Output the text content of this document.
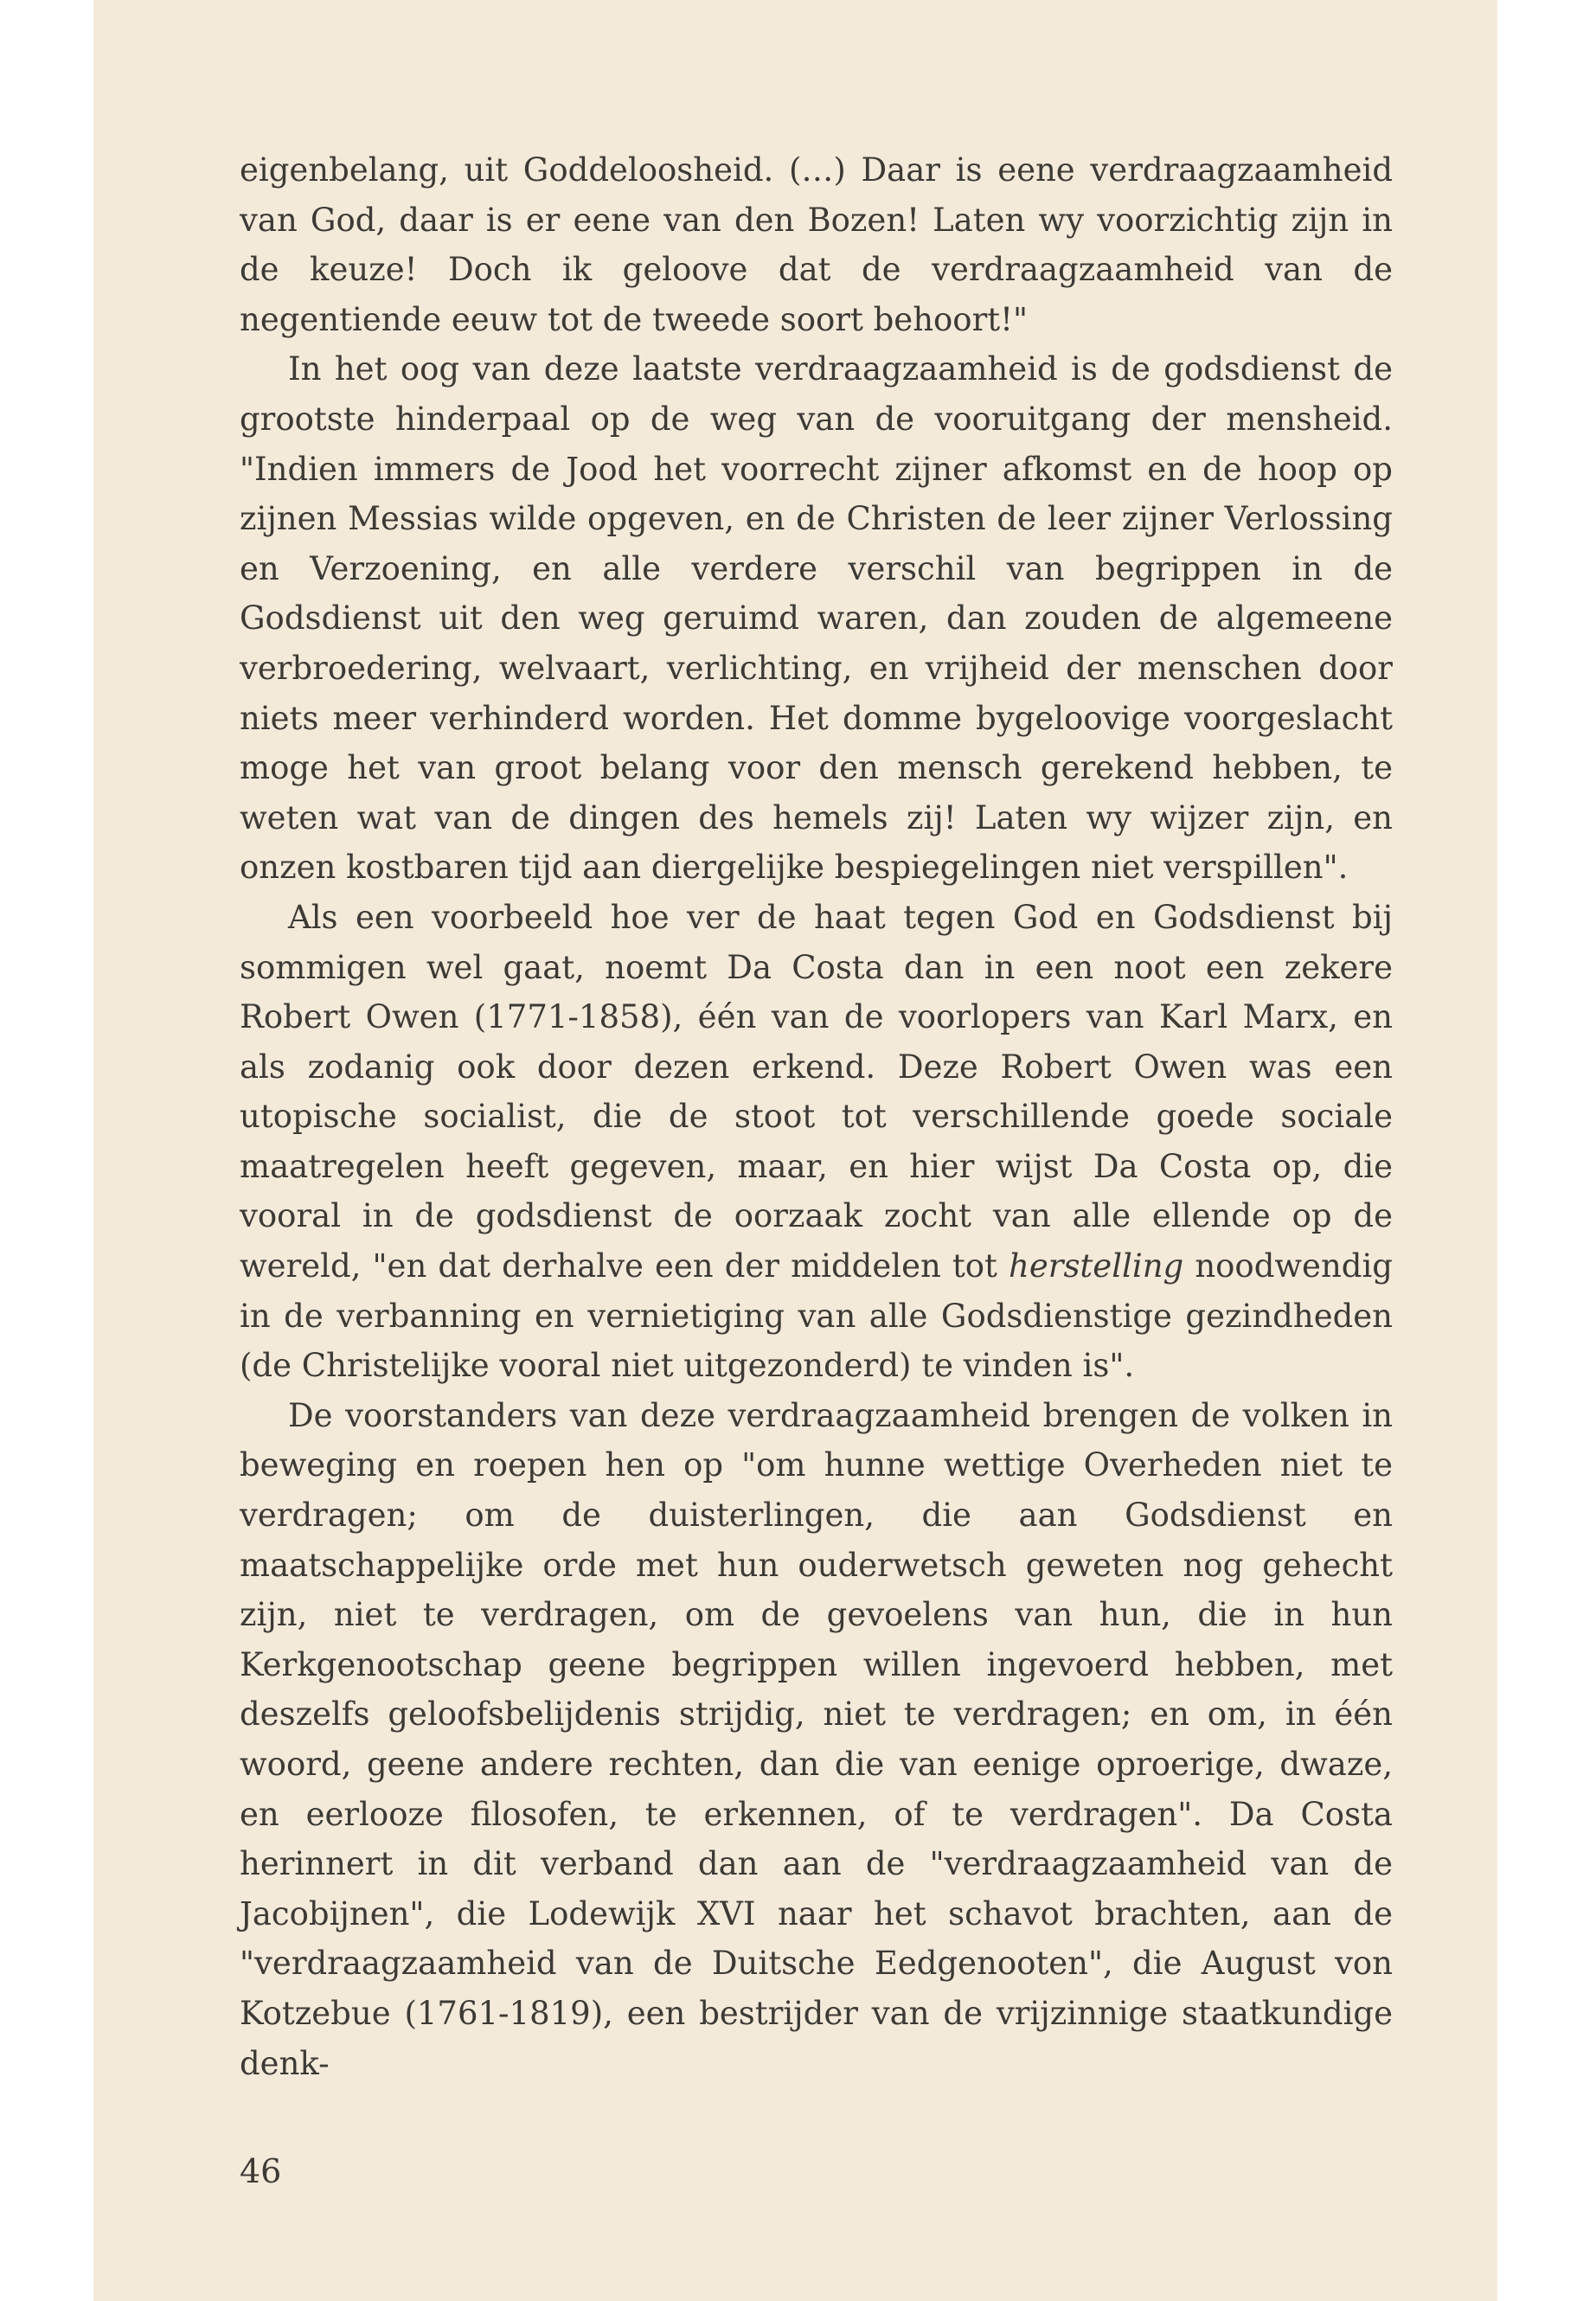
eigenbelang, uit Goddeloosheid. (…) Daar is eene verdraagzaamheid van God, daar is er eene van den Bozen! Laten wy voorzichtig zijn in de keuze! Doch ik geloove dat de verdraagzaamheid van de negentiende eeuw tot de tweede soort behoort!"

In het oog van deze laatste verdraagzaamheid is de godsdienst de grootste hinderpaal op de weg van de vooruitgang der mensheid. "Indien immers de Jood het voorrecht zijner afkomst en de hoop op zijnen Messias wilde opgeven, en de Christen de leer zijner Verlossing en Verzoening, en alle verdere verschil van begrippen in de Godsdienst uit den weg geruimd waren, dan zouden de algemeene verbroedering, welvaart, verlichting, en vrijheid der menschen door niets meer verhinderd worden. Het domme bygeloovige voorgeslacht moge het van groot belang voor den mensch gerekend hebben, te weten wat van de dingen des hemels zij! Laten wy wijzer zijn, en onzen kostbaren tijd aan diergelijke bespiegelingen niet verspillen".

Als een voorbeeld hoe ver de haat tegen God en Godsdienst bij sommigen wel gaat, noemt Da Costa dan in een noot een zekere Robert Owen (1771-1858), één van de voorlopers van Karl Marx, en als zodanig ook door dezen erkend. Deze Robert Owen was een utopische socialist, die de stoot tot verschillende goede sociale maatregelen heeft gegeven, maar, en hier wijst Da Costa op, die vooral in de godsdienst de oorzaak zocht van alle ellende op de wereld, "en dat derhalve een der middelen tot herstelling noodwendig in de verbanning en vernietiging van alle Godsdienstige gezindheden (de Christelijke vooral niet uitgezonderd) te vinden is".

De voorstanders van deze verdraagzaamheid brengen de volken in beweging en roepen hen op "om hunne wettige Overheden niet te verdragen; om de duisterlingen, die aan Godsdienst en maatschappelijke orde met hun ouderwetsch geweten nog gehecht zijn, niet te verdragen, om de gevoelens van hun, die in hun Kerkgenootschap geene begrippen willen ingevoerd hebben, met deszelfs geloofsbelijdenis strijdig, niet te verdragen; en om, in één woord, geene andere rechten, dan die van eenige oproerige, dwaze, en eerlooze filosofen, te erkennen, of te verdragen". Da Costa herinnert in dit verband dan aan de "verdraagzaamheid van de Jacobijnen", die Lodewijk XVI naar het schavot brachten, aan de "verdraagzaamheid van de Duitsche Eedgenooten", die August von Kotzebue (1761-1819), een bestrijder van de vrijzinnige staatkundige denk-

46
